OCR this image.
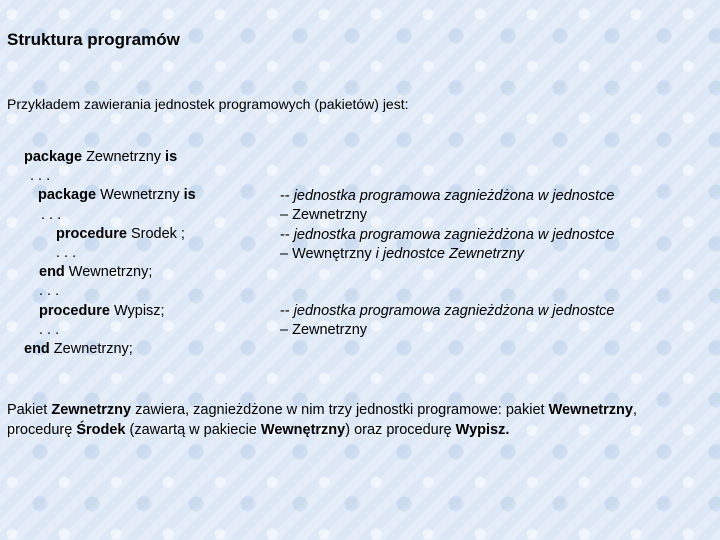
Struktura programów
Przykładem zawierania jednostek programowych (pakietów) jest:
package Zewnetrzny is
. . .
package Wewnetrzny is
. . .
procedure Srodek ;
. . .
end Wewnetrzny;
. . .
procedure Wypisz;
. . .
end Zewnetrzny;
-- jednostka programowa zagnieżdżona w jednostce
– Zewnetrzny
-- jednostka programowa zagnieżdżona w jednostce
– Wewnętrzny i jednostce Zewnetrzny
-- jednostka programowa zagnieżdżona w jednostce
– Zewnetrzny
Pakiet Zewnetrzny zawiera, zagnieżdżone w nim trzy jednostki programowe: pakiet Wewnetrzny,
procedurę Środek (zawartą w pakiecie Wewnętrzny) oraz procedurę Wypisz.
